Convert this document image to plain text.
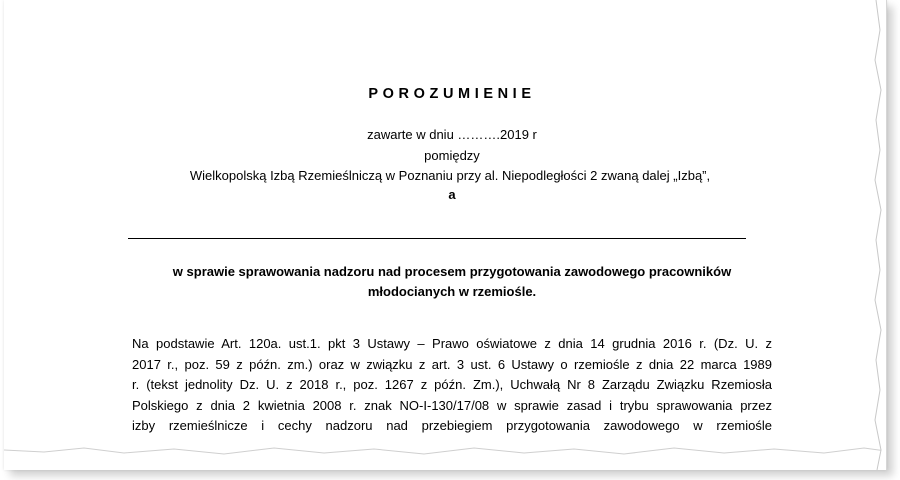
POROZUMIENIE
zawarte w dniu ……….2019 r
pomiędzy
Wielkopolską Izbą Rzemieślniczą w Poznaniu przy al. Niepodległości 2 zwaną dalej „Izbą”,
a
w sprawie sprawowania nadzoru nad procesem przygotowania zawodowego pracowników
młodocianych w rzemiośle.
Na podstawie Art. 120a. ust.1. pkt 3 Ustawy – Prawo oświatowe z dnia 14 grudnia 2016 r. (Dz. U. z
2017 r., poz. 59 z późn. zm.) oraz w związku z art. 3 ust. 6 Ustawy o rzemiośle z dnia 22 marca 1989
r. (tekst jednolity Dz. U. z 2018 r., poz. 1267 z późn. Zm.), Uchwałą Nr 8 Zarządu Związku Rzemiosła
Polskiego z dnia 2 kwietnia 2008 r. znak NO-I-130/17/08 w sprawie zasad i trybu sprawowania przez
izby rzemieślnicze i cechy nadzoru nad przebiegiem przygotowania zawodowego w rzemiośle
